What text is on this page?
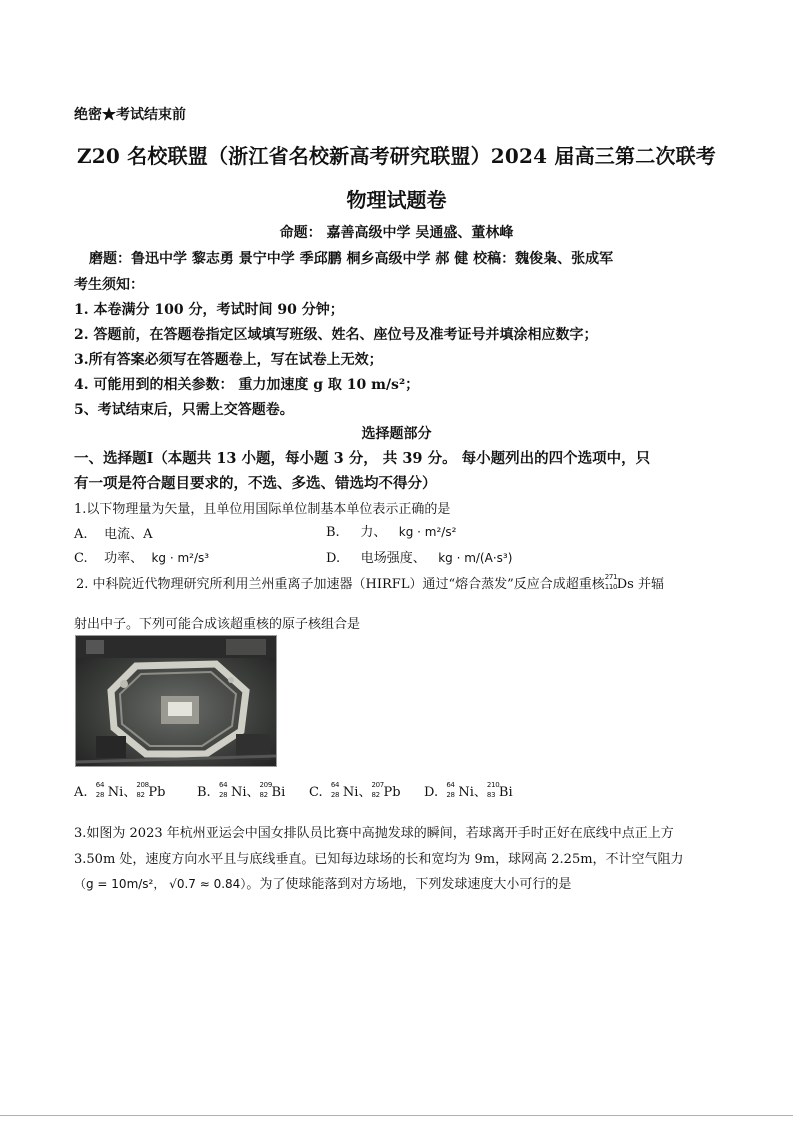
绝密★考试结束前
Z20 名校联盟（浙江省名校新高考研究联盟）2024 届高三第二次联考
物理试题卷
命题： 嘉善高级中学 吴通盛、董林峰
磨题：鲁迅中学 黎志勇 景宁中学 季邱鹏 桐乡高级中学 郝 健 校稿：魏俊枭、张成军
考生须知：
1. 本卷满分 100 分，考试时间 90 分钟；
2. 答题前，在答题卷指定区域填写班级、姓名、座位号及准考证号并填涂相应数字；
3.所有答案必须写在答题卷上，写在试卷上无效；
4. 可能用到的相关参数： 重力加速度 g 取 10 m/s²；
5、考试结束后，只需上交答题卷。
选择题部分
一、选择题Ⅰ（本题共 13 小题，每小题 3 分， 共 39 分。 每小题列出的四个选项中，只
有一项是符合题目要求的，不选、多选、错选均不得分）
1.以下物理量为矢量，且单位用国际单位制基本单位表示正确的是
A. 电流、A	B. 力、 kg · m²/s²
C. 功率、 kg · m²/s³	D. 电场强度、 kg · m/(A·s³)
2. 中科院近代物理研究所利用兰州重离子加速器（HIRFL）通过“熔合蒸发”反应合成超重核 271
110 Ds 并辐
射出中子。下列可能合成该超重核的原子核组合是
A. 64
28 Ni、 208
82 Pb B. 64
28 Ni、 209
82 Bi C. 64
28 Ni、 207
82 Pb D. 64
28 Ni、 210
83 Bi
3.如图为 2023 年杭州亚运会中国女排队员比赛中高抛发球的瞬间，若球离开手时正好在底线中点正上方
3.50m 处，速度方向水平且与底线垂直。已知每边球场的长和宽均为 9m，球网高 2.25m，不计空气阻力
（g = 10m/s²， √0.7 ≈ 0.84）。为了使球能落到对方场地，下列发球速度大小可行的是
